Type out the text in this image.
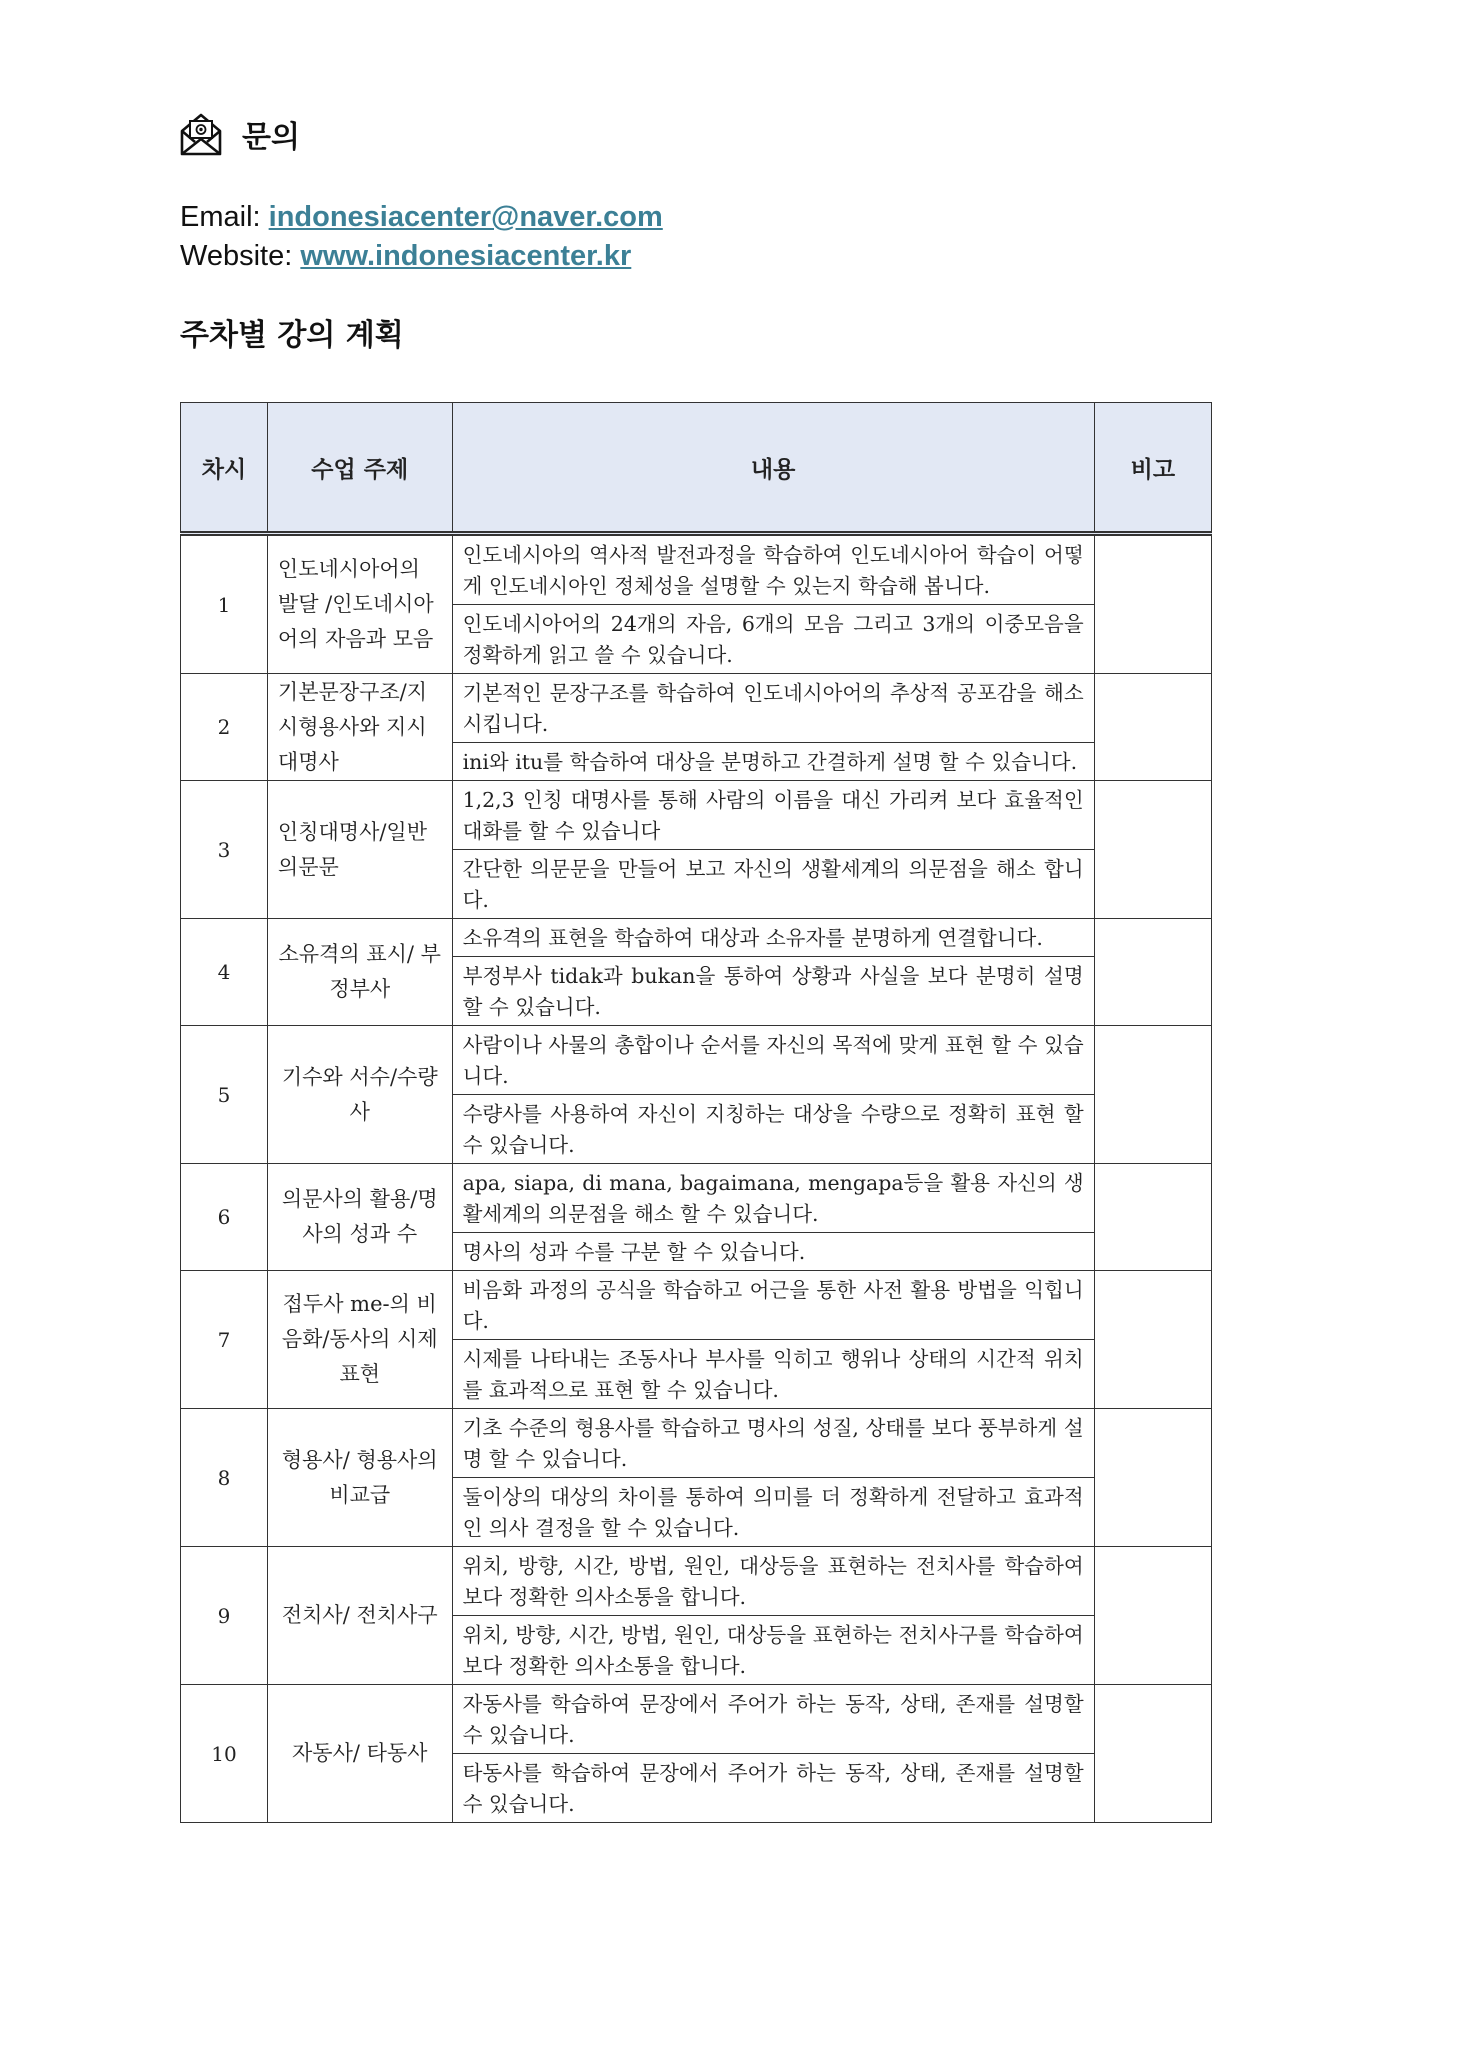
문의
Email: indonesiacenter@naver.com
Website: www.indonesiacenter.kr
주차별 강의 계획
차시	수업 주제	내용	비고
1	인도네시아어의 발달 /인도네시아어의 자음과 모음	인도네시아의 역사적 발전과정을 학습하여 인도네시아어 학습이 어떻게 인도네시아인 정체성을 설명할 수 있는지 학습해 봅니다.
인도네시아어의 24개의 자음, 6개의 모음 그리고 3개의 이중모음을 정확하게 읽고 쓸 수 있습니다.	

2	기본문장구조/지시형용사와 지시 대명사	기본적인 문장구조를 학습하여 인도네시아어의 추상적 공포감을 해소 시킵니다.
ini와 itu를 학습하여 대상을 분명하고 간결하게 설명 할 수 있습니다.	

3	인칭대명사/일반의문문	1,2,3 인칭 대명사를 통해 사람의 이름을 대신 가리켜 보다 효율적인 대화를 할 수 있습니다
간단한 의문문을 만들어 보고 자신의 생활세계의 의문점을 해소 합니다.	

4	소유격의 표시/ 부정부사	소유격의 표현을 학습하여 대상과 소유자를 분명하게 연결합니다.
부정부사 tidak과 bukan을 통하여 상황과 사실을 보다 분명히 설명 할 수 있습니다.	

5	기수와 서수/수량사	사람이나 사물의 총합이나 순서를 자신의 목적에 맞게 표현 할 수 있습니다.
수량사를 사용하여 자신이 지칭하는 대상을 수량으로 정확히 표현 할 수 있습니다.	

6	의문사의 활용/명사의 성과 수	apa, siapa, di mana, bagaimana, mengapa등을 활용 자신의 생활세계의 의문점을 해소 할 수 있습니다.
명사의 성과 수를 구분 할 수 있습니다.	

7	접두사 me-의 비음화/동사의 시제 표현	비음화 과정의 공식을 학습하고 어근을 통한 사전 활용 방법을 익힙니다.
시제를 나타내는 조동사나 부사를 익히고 행위나 상태의 시간적 위치를 효과적으로 표현 할 수 있습니다.	

8	형용사/ 형용사의 비교급	기초 수준의 형용사를 학습하고 명사의 성질, 상태를 보다 풍부하게 설명 할 수 있습니다.
둘이상의 대상의 차이를 통하여 의미를 더 정확하게 전달하고 효과적인 의사 결정을 할 수 있습니다.	

9	전치사/ 전치사구	위치, 방향, 시간, 방법, 원인, 대상등을 표현하는 전치사를 학습하여 보다 정확한 의사소통을 합니다.
위치, 방향, 시간, 방법, 원인, 대상등을 표현하는 전치사구를 학습하여 보다 정확한 의사소통을 합니다.	

10	자동사/ 타동사	자동사를 학습하여 문장에서 주어가 하는 동작, 상태, 존재를 설명할 수 있습니다.
타동사를 학습하여 문장에서 주어가 하는 동작, 상태, 존재를 설명할 수 있습니다.	
